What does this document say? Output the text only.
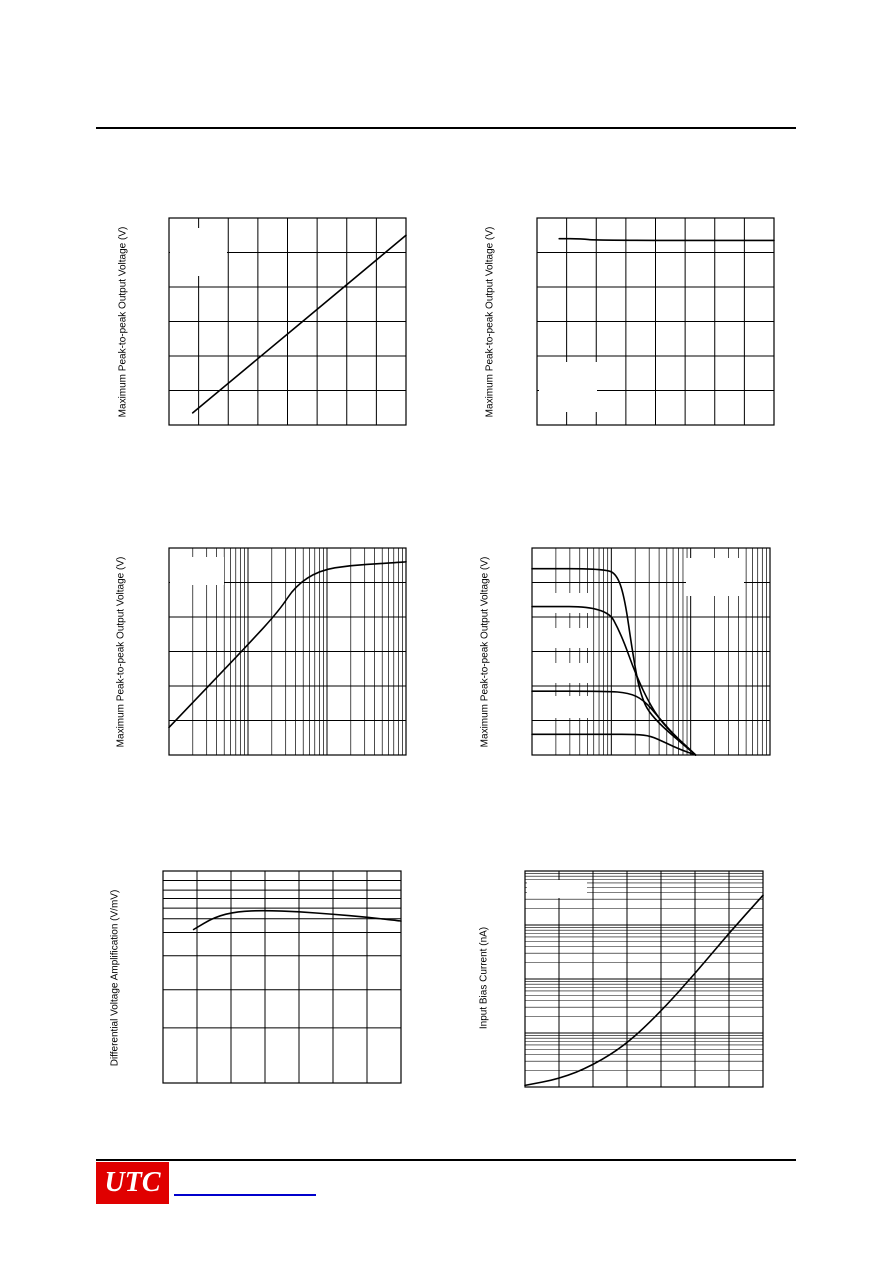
Maximum Peak-to-peak Output Voltage (V)	Maximum Peak-to-peak Output Voltage (V)
Maximum Peak-to-peak Output Voltage (V)	Maximum Peak-to-peak Output Voltage (V)
Differential Voltage Amplification (V/mV)	Input Bias Current (nA)
UTC
